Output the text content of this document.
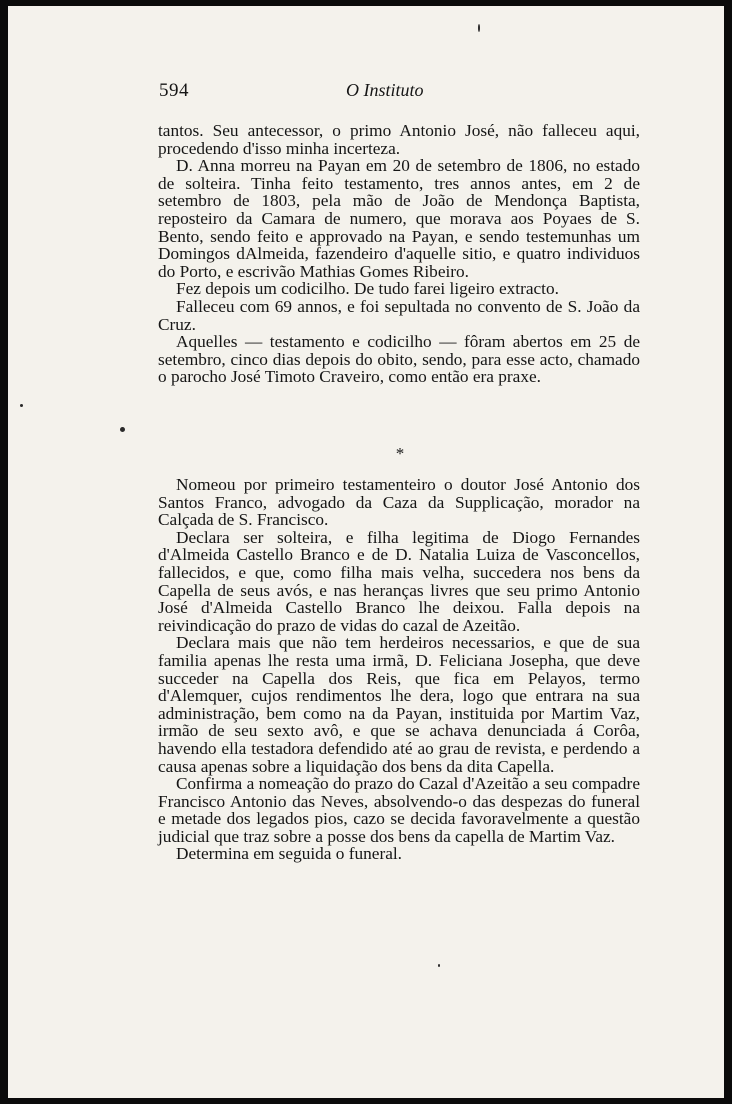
594	O Instituto

tantos. Seu antecessor, o primo Antonio José, não falleceu aqui, procedendo d'isso minha incerteza.

D. Anna morreu na Payan em 20 de setembro de 1806, no estado de solteira. Tinha feito testamento, tres annos antes, em 2 de setembro de 1803, pela mão de João de Mendonça Baptista, reposteiro da Camara de numero, que morava aos Poyaes de S. Bento, sendo feito e approvado na Payan, e sendo testemunhas um Domingos dAlmeida, fazendeiro d'aquelle sitio, e quatro individuos do Porto, e escrivão Mathias Gomes Ribeiro.

Fez depois um codicilho. De tudo farei ligeiro extracto.

Falleceu com 69 annos, e foi sepultada no convento de S. João da Cruz.

Aquelles — testamento e codicilho — fôram abertos em 25 de setembro, cinco dias depois do obito, sendo, para esse acto, chamado o parocho José Timoto Craveiro, como então era praxe.

*

Nomeou por primeiro testamenteiro o doutor José Antonio dos Santos Franco, advogado da Caza da Supplicação, morador na Calçada de S. Francisco.

Declara ser solteira, e filha legitima de Diogo Fernandes d'Almeida Castello Branco e de D. Natalia Luiza de Vasconcellos, fallecidos, e que, como filha mais velha, succedera nos bens da Capella de seus avós, e nas heranças livres que seu primo Antonio José d'Almeida Castello Branco lhe deixou. Falla depois na reivindicação do prazo de vidas do cazal de Azeitão.

Declara mais que não tem herdeiros necessarios, e que de sua familia apenas lhe resta uma irmã, D. Feliciana Josepha, que deve succeder na Capella dos Reis, que fica em Pelayos, termo d'Alemquer, cujos rendimentos lhe dera, logo que entrara na sua administração, bem como na da Payan, instituida por Martim Vaz, irmão de seu sexto avô, e que se achava denunciada á Corôa, havendo ella testadora defendido até ao grau de revista, e perdendo a causa apenas sobre a liquidação dos bens da dita Capella.

Confirma a nomeação do prazo do Cazal d'Azeitão a seu compadre Francisco Antonio das Neves, absolvendo-o das despezas do funeral e metade dos legados pios, cazo se decida favoravelmente a questão judicial que traz sobre a posse dos bens da capella de Martim Vaz.

Determina em seguida o funeral.
